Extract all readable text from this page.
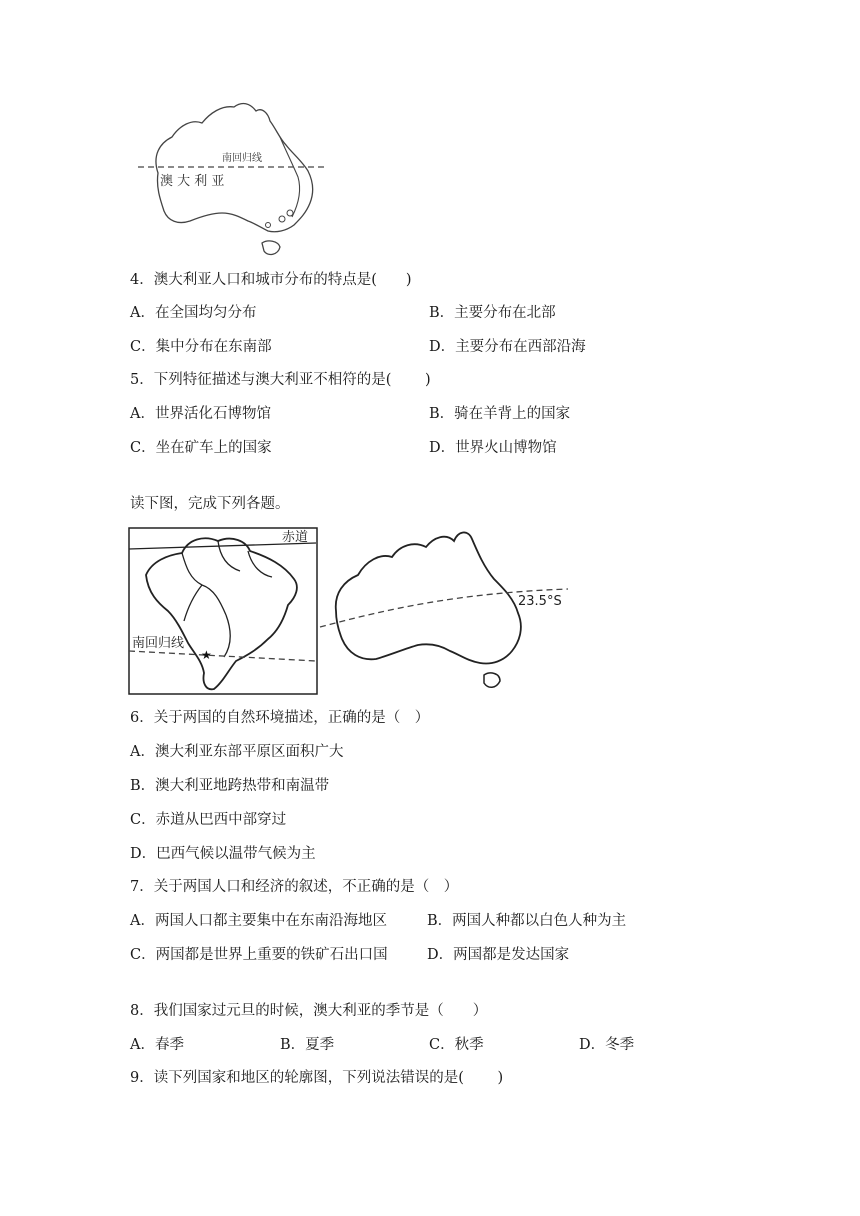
南回归线
澳 大 利 亚
4．澳大利亚人口和城市分布的特点是(　　)
A．在全国均匀分布	B．主要分布在北部
C．集中分布在东南部	D．主要分布在西部沿海
5．下列特征描述与澳大利亚不相符的是(　　 )
A．世界活化石博物馆	B．骑在羊背上的国家
C．坐在矿车上的国家	D．世界火山博物馆
读下图，完成下列各题。
★
赤道
南回归线
23.5°S
6．关于两国的自然环境描述，正确的是（　）
A．澳大利亚东部平原区面积广大
B．澳大利亚地跨热带和南温带
C．赤道从巴西中部穿过
D．巴西气候以温带气候为主
7．关于两国人口和经济的叙述，不正确的是（　）
A．两国人口都主要集中在东南沿海地区	B．两国人种都以白色人种为主
C．两国都是世界上重要的铁矿石出口国	D．两国都是发达国家
8．我们国家过元旦的时候，澳大利亚的季节是（　　）
A．春季	B．夏季	C．秋季	D．冬季
9．读下列国家和地区的轮廓图，下列说法错误的是(　　 )
